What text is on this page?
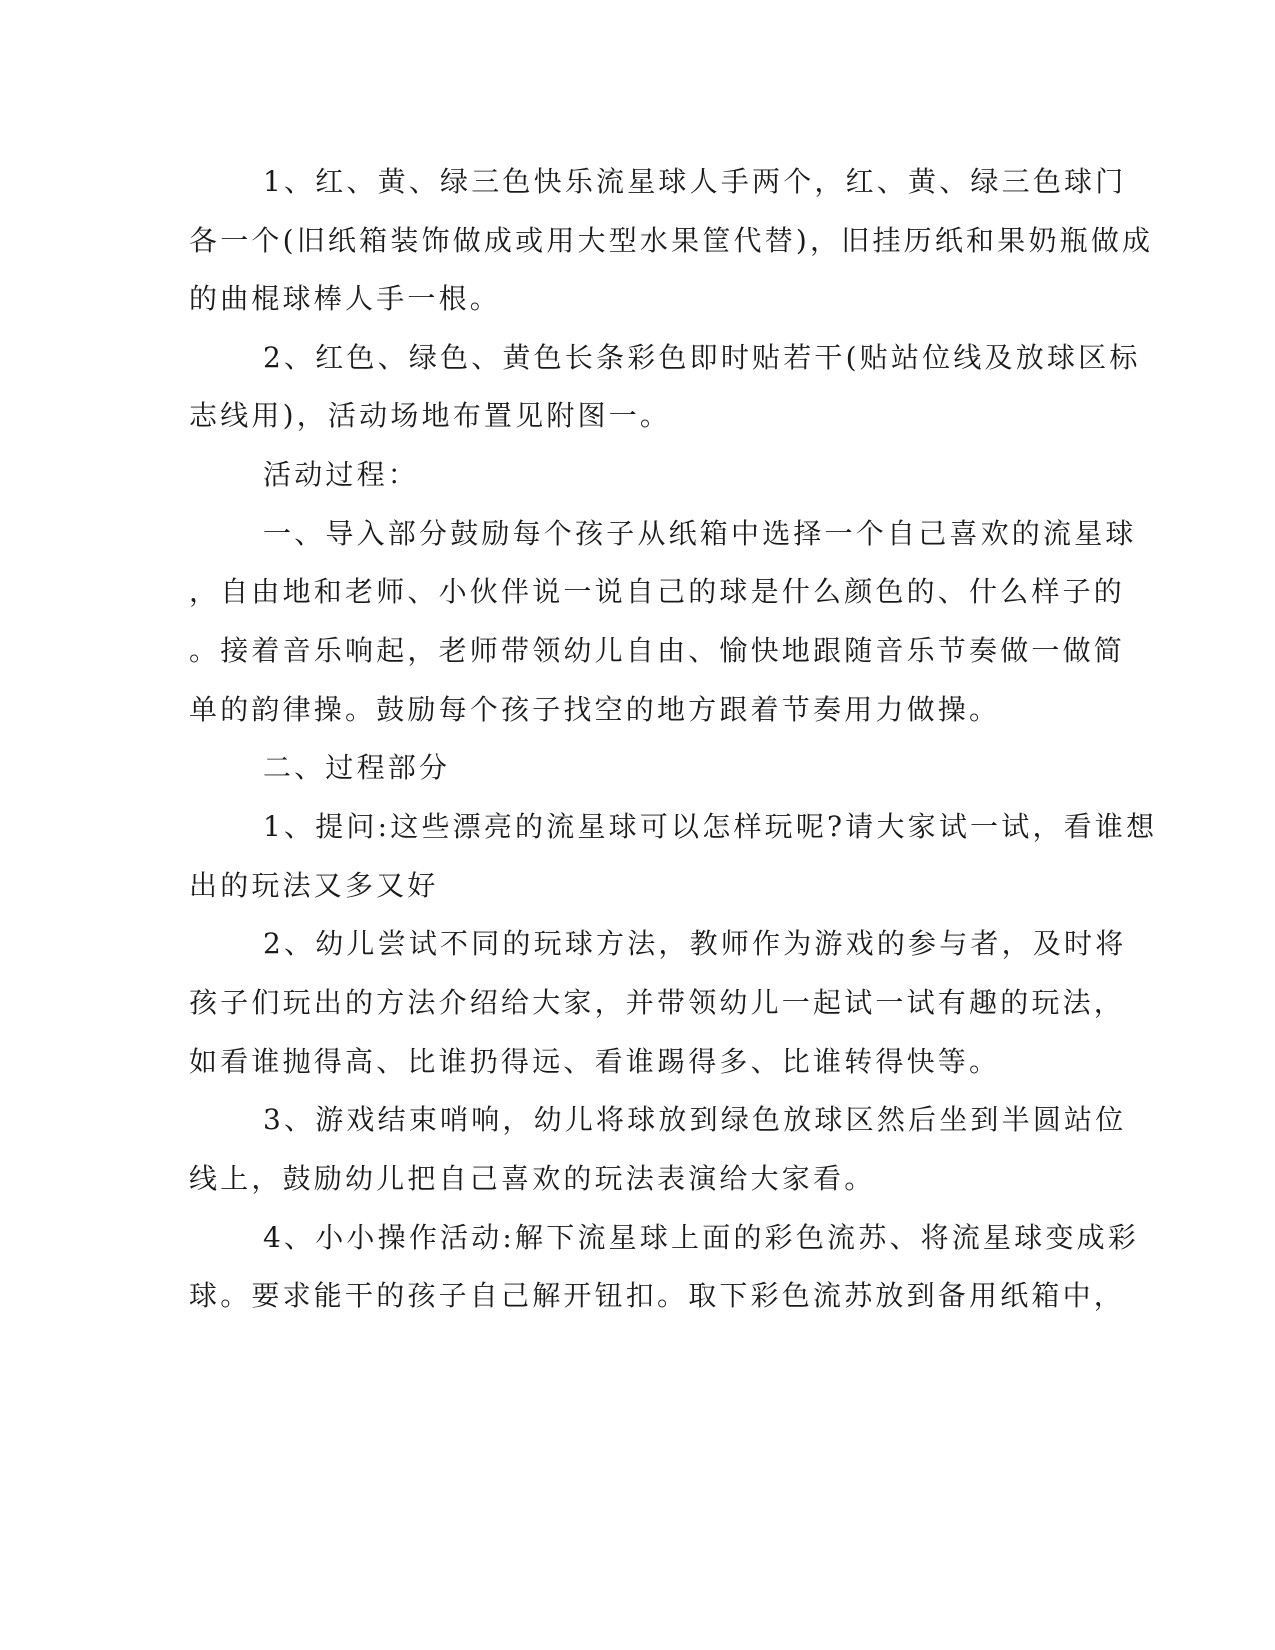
1、红、黄、绿三色快乐流星球人手两个，红、黄、绿三色球门
各一个(旧纸箱装饰做成或用大型水果筐代替)，旧挂历纸和果奶瓶做成
的曲棍球棒人手一根。
2、红色、绿色、黄色长条彩色即时贴若干(贴站位线及放球区标
志线用)，活动场地布置见附图一。
活动过程：
一、导入部分鼓励每个孩子从纸箱中选择一个自己喜欢的流星球
，自由地和老师、小伙伴说一说自己的球是什么颜色的、什么样子的
。接着音乐响起，老师带领幼儿自由、愉快地跟随音乐节奏做一做简
单的韵律操。鼓励每个孩子找空的地方跟着节奏用力做操。
二、过程部分
1、提问:这些漂亮的流星球可以怎样玩呢?请大家试一试，看谁想
出的玩法又多又好
2、幼儿尝试不同的玩球方法，教师作为游戏的参与者，及时将
孩子们玩出的方法介绍给大家，并带领幼儿一起试一试有趣的玩法，
如看谁抛得高、比谁扔得远、看谁踢得多、比谁转得快等。
3、游戏结束哨响，幼儿将球放到绿色放球区然后坐到半圆站位
线上，鼓励幼儿把自己喜欢的玩法表演给大家看。
4、小小操作活动:解下流星球上面的彩色流苏、将流星球变成彩
球。要求能干的孩子自己解开钮扣。取下彩色流苏放到备用纸箱中，
